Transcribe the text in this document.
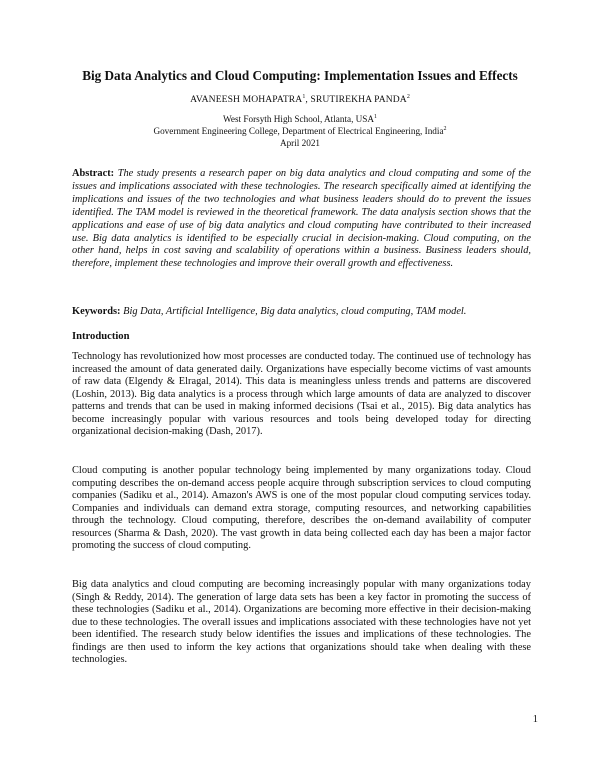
Big Data Analytics and Cloud Computing: Implementation Issues and Effects
AVANEESH MOHAPATRA$^1$, SRUTIREKHA PANDA$^2$
West Forsyth High School, Atlanta, USA$^1$
Government Engineering College, Department of Electrical Engineering, India$^2$
April 2021
Abstract: The study presents a research paper on big data analytics and cloud computing and some of the issues and implications associated with these technologies. The research specifically aimed at identifying the implications and issues of the two technologies and what business leaders should do to prevent the issues identified. The TAM model is reviewed in the theoretical framework. The data analysis section shows that the applications and ease of use of big data analytics and cloud computing have contributed to their increased use. Big data analytics is identified to be especially crucial in decision-making. Cloud computing, on the other hand, helps in cost saving and scalability of operations within a business. Business leaders should, therefore, implement these technologies and improve their overall growth and effectiveness.
Keywords: Big Data, Artificial Intelligence, Big data analytics, cloud computing, TAM model.
Introduction
Technology has revolutionized how most processes are conducted today. The continued use of technology has increased the amount of data generated daily. Organizations have especially become victims of vast amounts of raw data (Elgendy & Elragal, 2014). This data is meaningless unless trends and patterns are discovered (Loshin, 2013). Big data analytics is a process through which large amounts of data are analyzed to discover patterns and trends that can be used in making informed decisions (Tsai et al., 2015). Big data analytics has become increasingly popular with various resources and tools being developed today for directing organizational decision-making (Dash, 2017).
Cloud computing is another popular technology being implemented by many organizations today. Cloud computing describes the on-demand access people acquire through subscription services to cloud computing companies (Sadiku et al., 2014). Amazon's AWS is one of the most popular cloud computing services today. Companies and individuals can demand extra storage, computing resources, and networking capabilities through the technology. Cloud computing, therefore, describes the on-demand availability of computer resources (Sharma & Dash, 2020). The vast growth in data being collected each day has been a major factor promoting the success of cloud computing.
Big data analytics and cloud computing are becoming increasingly popular with many organizations today (Singh & Reddy, 2014). The generation of large data sets has been a key factor in promoting the success of these technologies (Sadiku et al., 2014). Organizations are becoming more effective in their decision-making due to these technologies. The overall issues and implications associated with these technologies have not yet been identified. The research study below identifies the issues and implications of these technologies. The findings are then used to inform the key actions that organizations should take when dealing with these technologies.
1
